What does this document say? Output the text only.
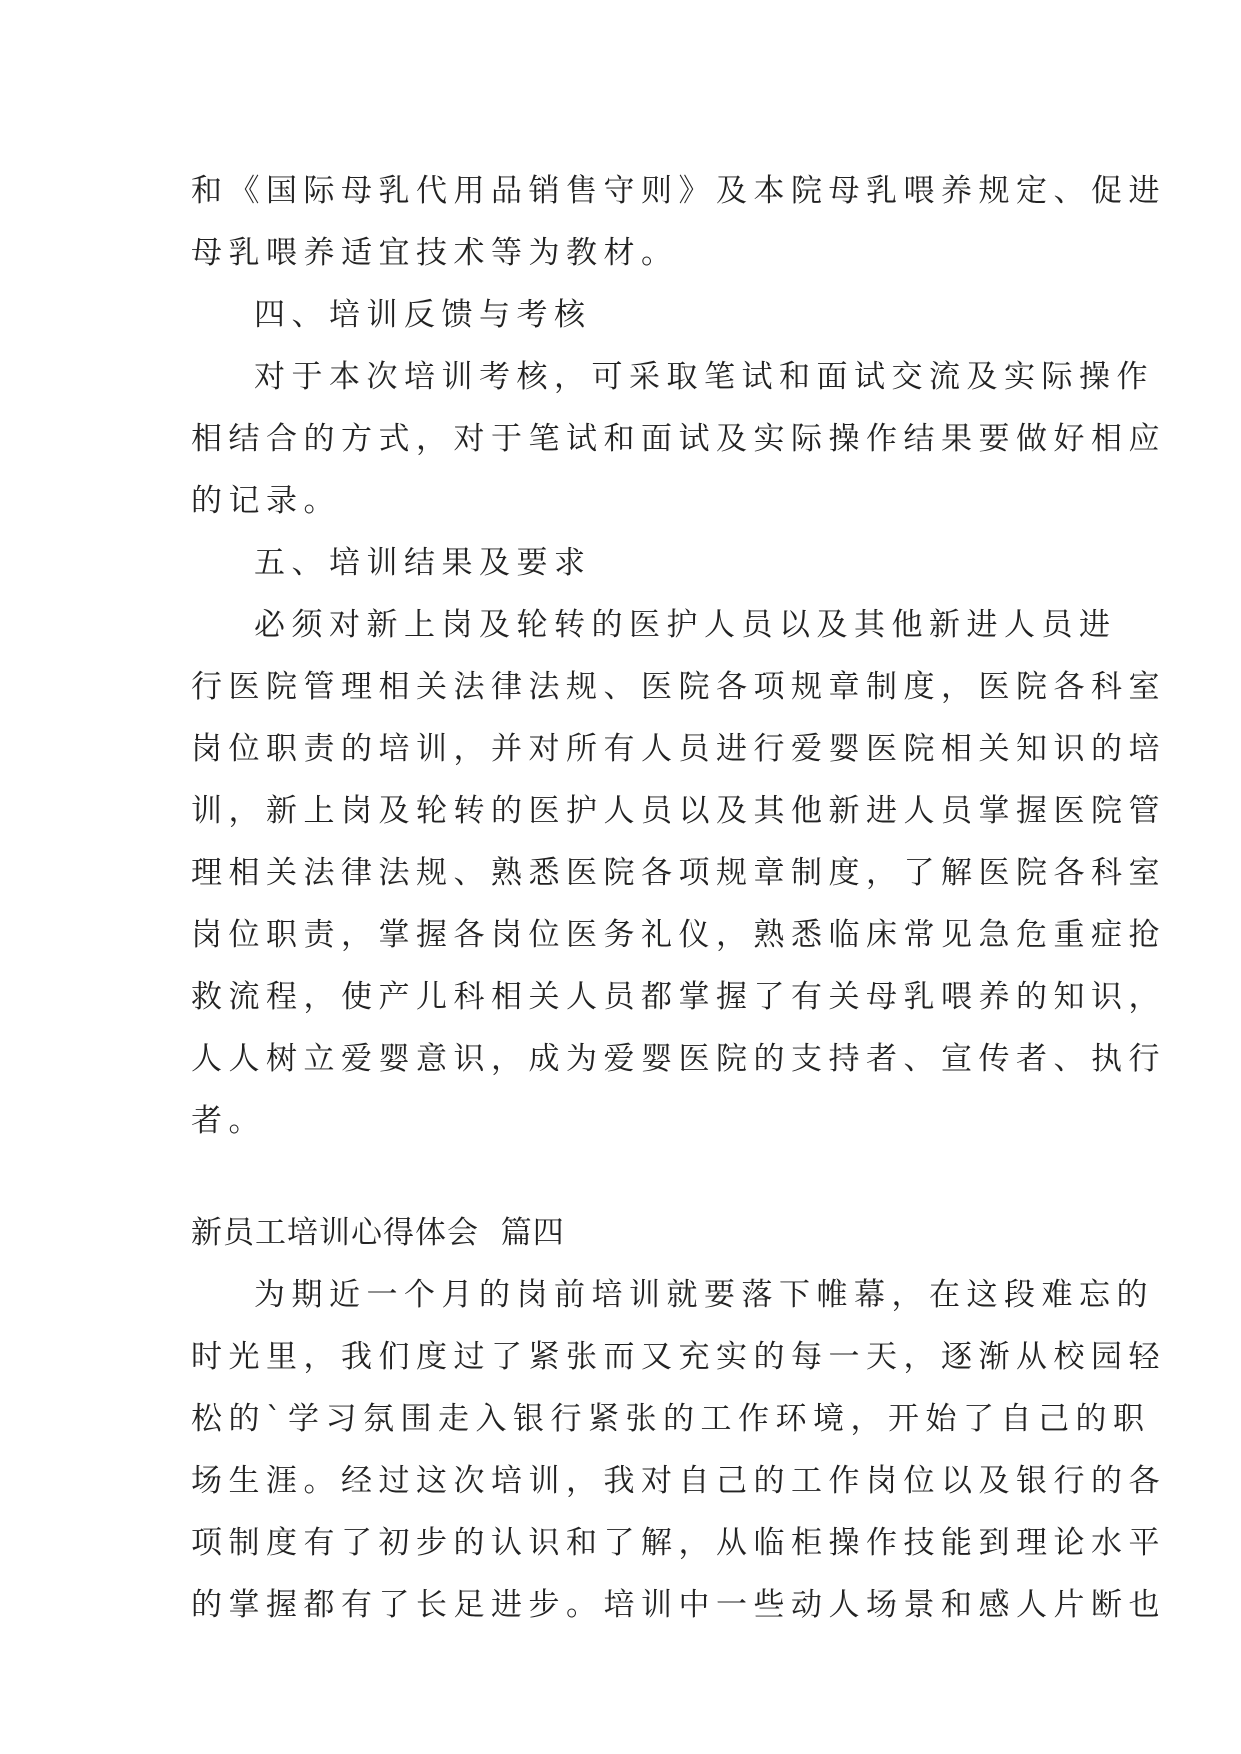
和《国际母乳代用品销售守则》及本院母乳喂养规定、促进
母乳喂养适宜技术等为教材。
四、培训反馈与考核
对于本次培训考核，可采取笔试和面试交流及实际操作
相结合的方式，对于笔试和面试及实际操作结果要做好相应
的记录。
五、培训结果及要求
必须对新上岗及轮转的医护人员以及其他新进人员进
行医院管理相关法律法规、医院各项规章制度，医院各科室
岗位职责的培训，并对所有人员进行爱婴医院相关知识的培
训，新上岗及轮转的医护人员以及其他新进人员掌握医院管
理相关法律法规、熟悉医院各项规章制度，了解医院各科室
岗位职责，掌握各岗位医务礼仪，熟悉临床常见急危重症抢
救流程，使产儿科相关人员都掌握了有关母乳喂养的知识，
人人树立爱婴意识，成为爱婴医院的支持者、宣传者、执行
者。
新员工培训心得体会 篇四
为期近一个月的岗前培训就要落下帷幕，在这段难忘的
时光里，我们度过了紧张而又充实的每一天，逐渐从校园轻
松的`学习氛围走入银行紧张的工作环境，开始了自己的职
场生涯。经过这次培训，我对自己的工作岗位以及银行的各
项制度有了初步的认识和了解，从临柜操作技能到理论水平
的掌握都有了长足进步。培训中一些动人场景和感人片断也
